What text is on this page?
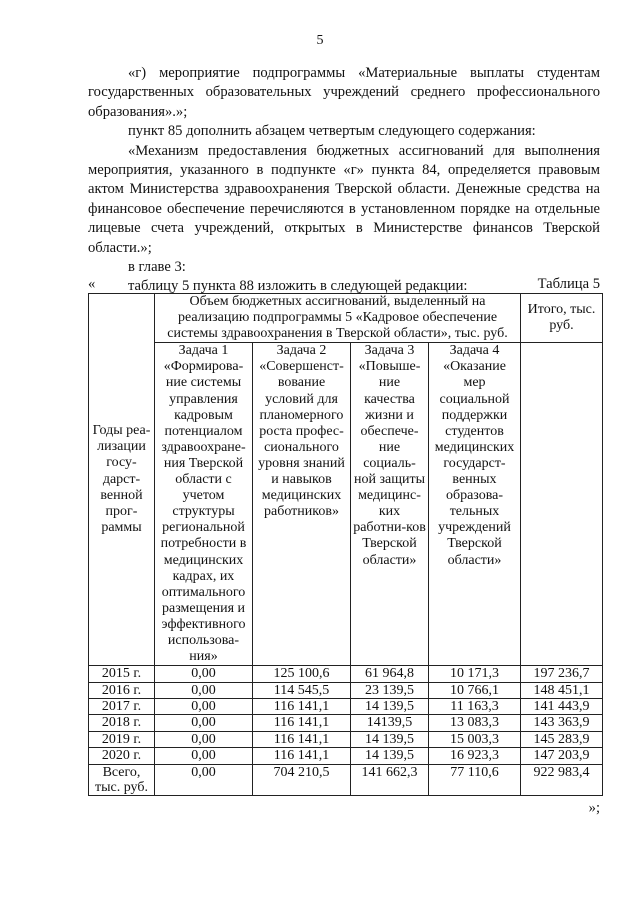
5

«г) мероприятие подпрограммы «Материальные выплаты студентам государственных образовательных учреждений среднего профессионального образования».»;

пункт 85 дополнить абзацем четвертым следующего содержания:

«Механизм предоставления бюджетных ассигнований для выполнения мероприятия, указанного в подпункте «г» пункта 84, определяется правовым актом Министерства здравоохранения Тверской области. Денежные средства на финансовое обеспечение перечисляются в установленном порядке на отдельные лицевые счета учреждений, открытых в Министерстве финансов Тверской области.»;

в главе 3:

таблицу 5 пункта 88 изложить в следующей редакции:

«	Таблица 5
Годы реа-лизации госу-дарст-венной прог-раммы	Объем бюджетных ассигнований, выделенный на реализацию подпрограммы 5 «Кадровое обеспечение системы здравоохранения в Тверской области», тыс. руб.				Итого, тыс. руб.
	Задача 1 «Формирова-ние системы управления кадровым потенциалом здравоохране-ния Тверской области с учетом структуры региональной потребности в медицинских кадрах, их оптимального размещения и эффективного использова-ния»	Задача 2 «Совершенст-вование условий для планомерного роста профес-сионального уровня знаний и навыков медицинских работников»	Задача 3 «Повыше-ние качества жизни и обеспече-ние социаль-ной защиты медицинс-ких работни-ков Тверской области»	Задача 4 «Оказание мер социальной поддержки студентов медицинских государст-венных образова-тельных учреждений Тверской области»	
2015 г.	0,00	125 100,6	61 964,8	10 171,3	197 236,7
2016 г.	0,00	114 545,5	23 139,5	10 766,1	148 451,1
2017 г.	0,00	116 141,1	14 139,5	11 163,3	141 443,9
2018 г.	0,00	116 141,1	14139,5	13 083,3	143 363,9
2019 г.	0,00	116 141,1	14 139,5	15 003,3	145 283,9
2020 г.	0,00	116 141,1	14 139,5	16 923,3	147 203,9
Всего, тыс. руб.	0,00	704 210,5	141 662,3	77 110,6	922 983,4
»;
